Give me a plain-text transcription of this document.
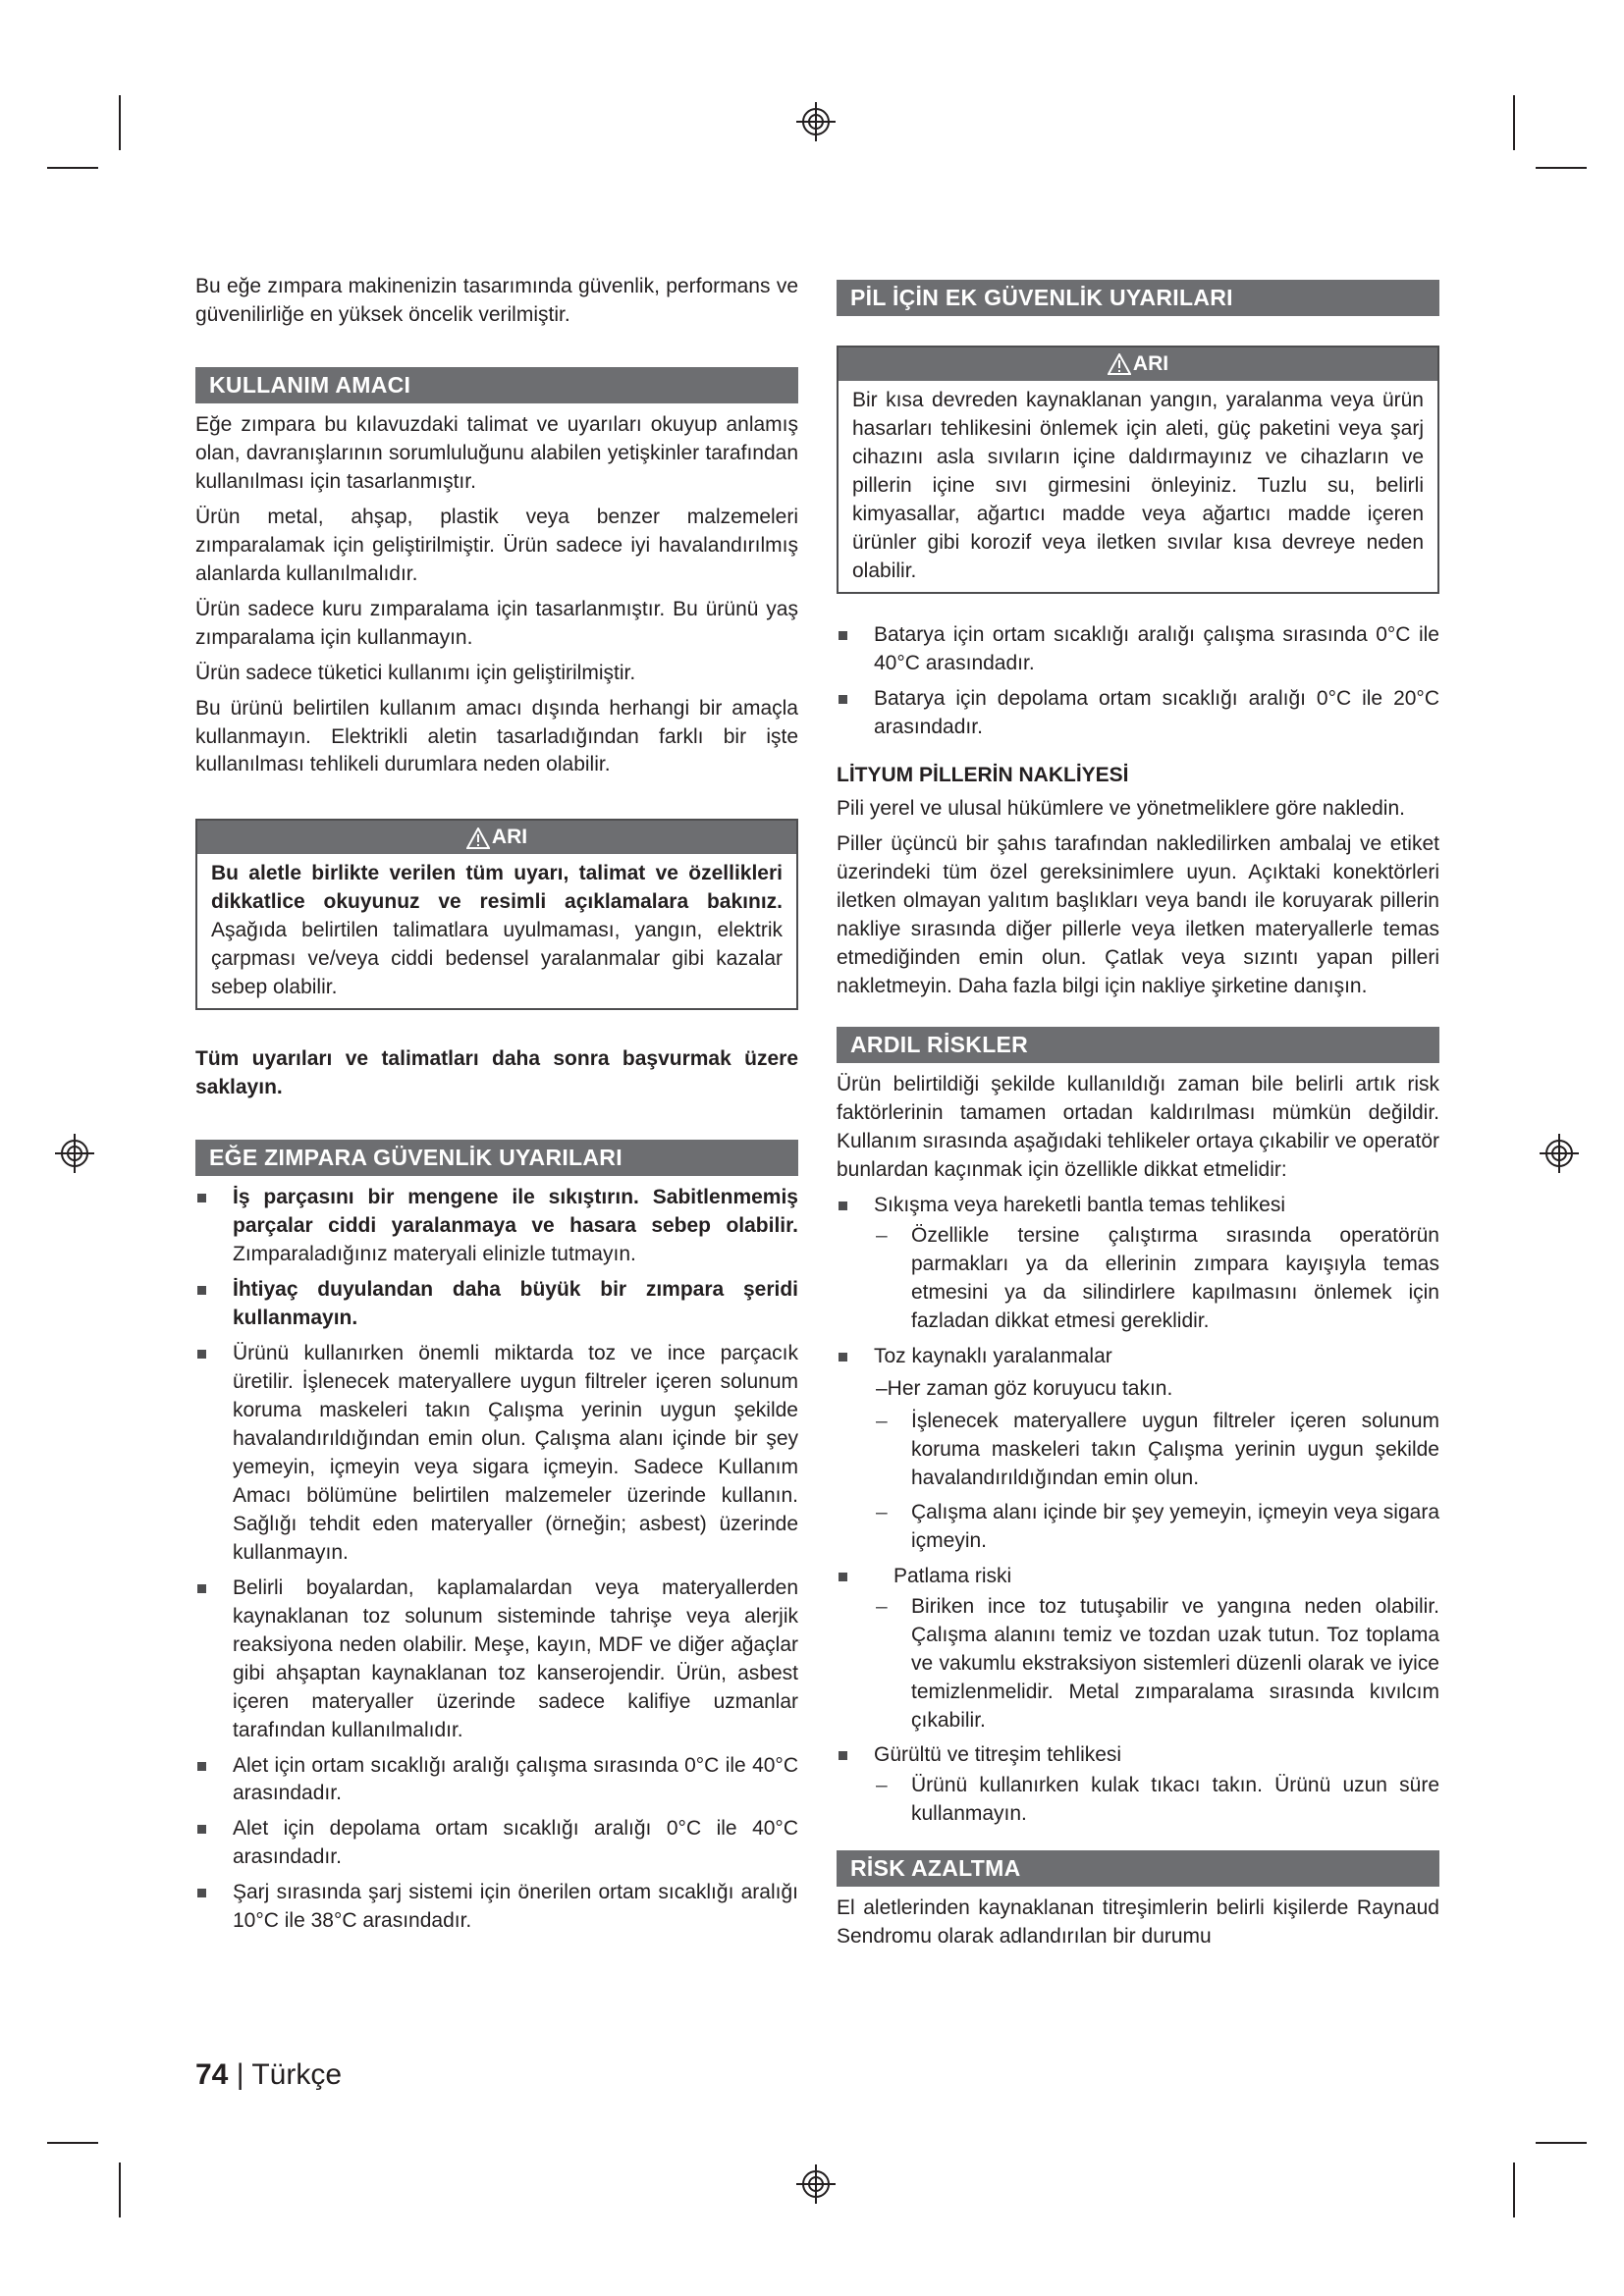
Bu eğe zımpara makinenizin tasarımında güvenlik, performans ve güvenilirliğe en yüksek öncelik verilmiştir.

KULLANIM AMACI

Eğe zımpara bu kılavuzdaki talimat ve uyarıları okuyup anlamış olan, davranışlarının sorumluluğunu alabilen yetişkinler tarafından kullanılması için tasarlanmıştır.

Ürün metal, ahşap, plastik veya benzer malzemeleri zımparalamak için geliştirilmiştir. Ürün sadece iyi havalandırılmış alanlarda kullanılmalıdır.

Ürün sadece kuru zımparalama için tasarlanmıştır. Bu ürünü yaş zımparalama için kullanmayın.

Ürün sadece tüketici kullanımı için geliştirilmiştir.

Bu ürünü belirtilen kullanım amacı dışında herhangi bir amaçla kullanmayın. Elektrikli aletin tasarladığından farklı bir işte kullanılması tehlikeli durumlara neden olabilir.

ARI

Bu aletle birlikte verilen tüm uyarı, talimat ve özellikleri dikkatlice okuyunuz ve resimli açıklamalara bakınız. Aşağıda belirtilen talimatlara uyulmaması, yangın, elektrik çarpması ve/veya ciddi bedensel yaralanmalar gibi kazalar sebep olabilir.

Tüm uyarıları ve talimatları daha sonra başvurmak üzere saklayın.

EĞE ZIMPARA GÜVENLİK UYARILARI
İş parçasını bir mengene ile sıkıştırın. Sabitlenmemiş parçalar ciddi yaralanmaya ve hasara sebep olabilir. Zımparaladığınız materyali elinizle tutmayın.
İhtiyaç duyulandan daha büyük bir zımpara şeridi kullanmayın.
Ürünü kullanırken önemli miktarda toz ve ince parçacık üretilir. İşlenecek materyallere uygun filtreler içeren solunum koruma maskeleri takın Çalışma yerinin uygun şekilde havalandırıldığından emin olun. Çalışma alanı içinde bir şey yemeyin, içmeyin veya sigara içmeyin. Sadece Kullanım Amacı bölümüne belirtilen malzemeler üzerinde kullanın. Sağlığı tehdit eden materyaller (örneğin; asbest) üzerinde kullanmayın.
Belirli boyalardan, kaplamalardan veya materyallerden kaynaklanan toz solunum sisteminde tahrişe veya alerjik reaksiyona neden olabilir. Meşe, kayın, MDF ve diğer ağaçlar gibi ahşaptan kaynaklanan toz kanserojendir. Ürün, asbest içeren materyaller üzerinde sadece kalifiye uzmanlar tarafından kullanılmalıdır.
Alet için ortam sıcaklığı aralığı çalışma sırasında 0°C ile 40°C arasındadır.
Alet için depolama ortam sıcaklığı aralığı 0°C ile 40°C arasındadır.
Şarj sırasında şarj sistemi için önerilen ortam sıcaklığı aralığı 10°C ile 38°C arasındadır.
PİL İÇİN EK GÜVENLİK UYARILARI
ARI

Bir kısa devreden kaynaklanan yangın, yaralanma veya ürün hasarları tehlikesini önlemek için aleti, güç paketini veya şarj cihazını asla sıvıların içine daldırmayınız ve cihazların ve pillerin içine sıvı girmesini önleyiniz. Tuzlu su, belirli kimyasallar, ağartıcı madde veya ağartıcı madde içeren ürünler gibi korozif veya iletken sıvılar kısa devreye neden olabilir.

Batarya için ortam sıcaklığı aralığı çalışma sırasında 0°C ile 40°C arasındadır.
Batarya için depolama ortam sıcaklığı aralığı 0°C ile 20°C arasındadır.
LİTYUM PİLLERİN NAKLİYESİ

Pili yerel ve ulusal hükümlere ve yönetmeliklere göre nakledin.

Piller üçüncü bir şahıs tarafından nakledilirken ambalaj ve etiket üzerindeki tüm özel gereksinimlere uyun. Açıktaki konektörleri iletken olmayan yalıtım başlıkları veya bandı ile koruyarak pillerin nakliye sırasında diğer pillerle veya iletken materyallerle temas etmediğinden emin olun. Çatlak veya sızıntı yapan pilleri nakletmeyin. Daha fazla bilgi için nakliye şirketine danışın.

ARDIL RİSKLER

Ürün belirtildiği şekilde kullanıldığı zaman bile belirli artık risk faktörlerinin tamamen ortadan kaldırılması mümkün değildir. Kullanım sırasında aşağıdaki tehlikeler ortaya çıkabilir ve operatör bunlardan kaçınmak için özellikle dikkat etmelidir:

Sıkışma veya hareketli bantla temas tehlikesi
– Özellikle tersine çalıştırma sırasında operatörün parmakları ya da ellerinin zımpara kayışıyla temas etmesini ya da silindirlere kapılmasını önlemek için fazladan dikkat etmesi gereklidir.
Toz kaynaklı yaralanmalar
–Her zaman göz koruyucu takın.
– İşlenecek materyallere uygun filtreler içeren solunum koruma maskeleri takın Çalışma yerinin uygun şekilde havalandırıldığından emin olun.
– Çalışma alanı içinde bir şey yemeyin, içmeyin veya sigara içmeyin.
Patlama riski
– Biriken ince toz tutuşabilir ve yangına neden olabilir. Çalışma alanını temiz ve tozdan uzak tutun. Toz toplama ve vakumlu ekstraksiyon sistemleri düzenli olarak ve iyice temizlenmelidir. Metal zımparalama sırasında kıvılcım çıkabilir.
Gürültü ve titreşim tehlikesi
– Ürünü kullanırken kulak tıkacı takın. Ürünü uzun süre kullanmayın.
RİSK AZALTMA

El aletlerinden kaynaklanan titreşimlerin belirli kişilerde Raynaud Sendromu olarak adlandırılan bir durumu

74 | Türkçe
